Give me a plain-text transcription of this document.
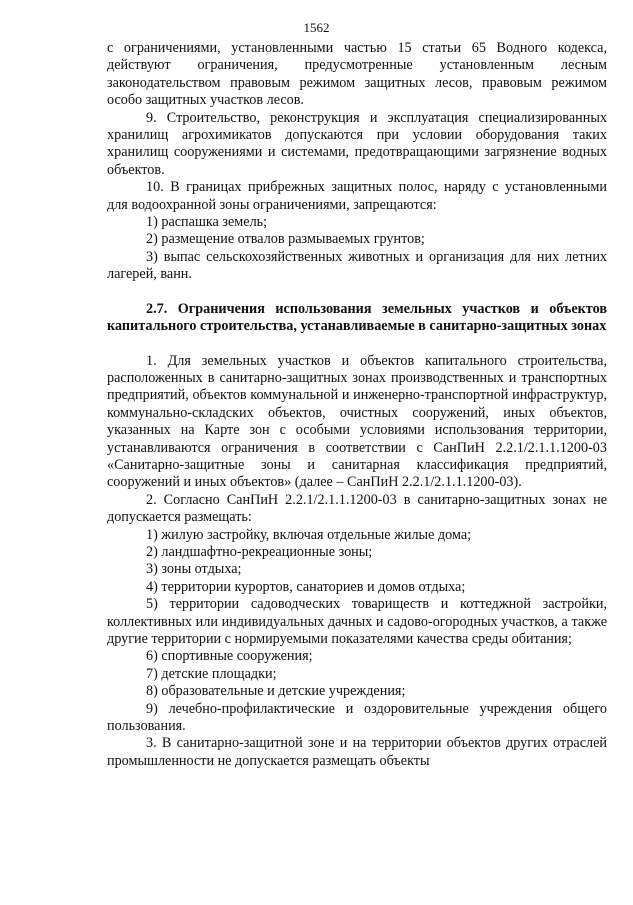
1562

с ограничениями, установленными частью 15 статьи 65 Водного кодекса, действуют ограничения, предусмотренные установленным лесным законодательством правовым режимом защитных лесов, правовым режимом особо защитных участков лесов.

9. Строительство, реконструкция и эксплуатация специализированных хранилищ агрохимикатов допускаются при условии оборудования таких хранилищ сооружениями и системами, предотвращающими загрязнение водных объектов.

10. В границах прибрежных защитных полос, наряду с установленными для водоохранной зоны ограничениями, запрещаются:

1) распашка земель;

2) размещение отвалов размываемых грунтов;

3) выпас сельскохозяйственных животных и организация для них летних лагерей, ванн.

2.7. Ограничения использования земельных участков и объектов капитального строительства, устанавливаемые в санитарно-защитных зонах

1. Для земельных участков и объектов капитального строительства, расположенных в санитарно-защитных зонах производственных и транспортных предприятий, объектов коммунальной и инженерно-транспортной инфраструктур, коммунально-складских объектов, очистных сооружений, иных объектов, указанных на Карте зон с особыми условиями использования территории, устанавливаются ограничения в соответствии с СанПиН 2.2.1/2.1.1.1200-03 «Санитарно-защитные зоны и санитарная классификация предприятий, сооружений и иных объектов» (далее – СанПиН 2.2.1/2.1.1.1200-03).

2. Согласно СанПиН 2.2.1/2.1.1.1200-03 в санитарно-защитных зонах не допускается размещать:

1) жилую застройку, включая отдельные жилые дома;

2) ландшафтно-рекреационные зоны;

3) зоны отдыха;

4) территории курортов, санаториев и домов отдыха;

5) территории садоводческих товариществ и коттеджной застройки, коллективных или индивидуальных дачных и садово-огородных участков, а также другие территории с нормируемыми показателями качества среды обитания;

6) спортивные сооружения;

7) детские площадки;

8) образовательные и детские учреждения;

9) лечебно-профилактические и оздоровительные учреждения общего пользования.

3. В санитарно-защитной зоне и на территории объектов других отраслей промышленности не допускается размещать объекты
